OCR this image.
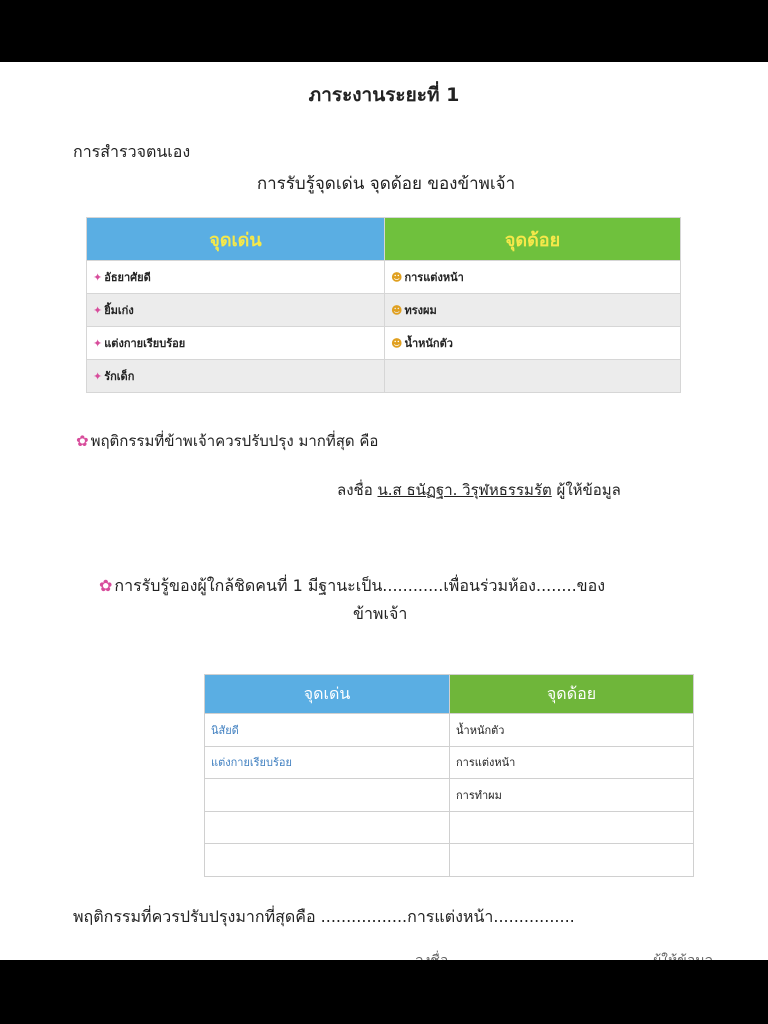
ภาระงานระยะที่ 1
การสำรวจตนเอง
การรับรู้จุดเด่น จุดด้อย ของข้าพเจ้า
จุดเด่น	จุดด้อย
✦ อัธยาศัยดี	☻ การแต่งหน้า
✦ ยิ้มเก่ง	☻ ทรงผม
✦ แต่งกายเรียบร้อย	☻ น้ำหนักตัว
✦ รักเด็ก	
✿ พฤติกรรมที่ข้าพเจ้าควรปรับปรุง มากที่สุด คือ
ลงชื่อ น.ส ธนัฏฐา. วิรุฬหธรรมรัต ผู้ให้ข้อมูล
✿ การรับรู้ของผู้ใกล้ชิดคนที่ 1 มีฐานะเป็น............เพื่อนร่วมห้อง........ของ
ข้าพเจ้า
จุดเด่น	จุดด้อย
นิสัยดี	น้ำหนักตัว
แต่งกายเรียบร้อย	การแต่งหน้า
	การทำผม

พฤติกรรมที่ควรปรับปรุงมากที่สุดคือ .................การแต่งหน้า................
